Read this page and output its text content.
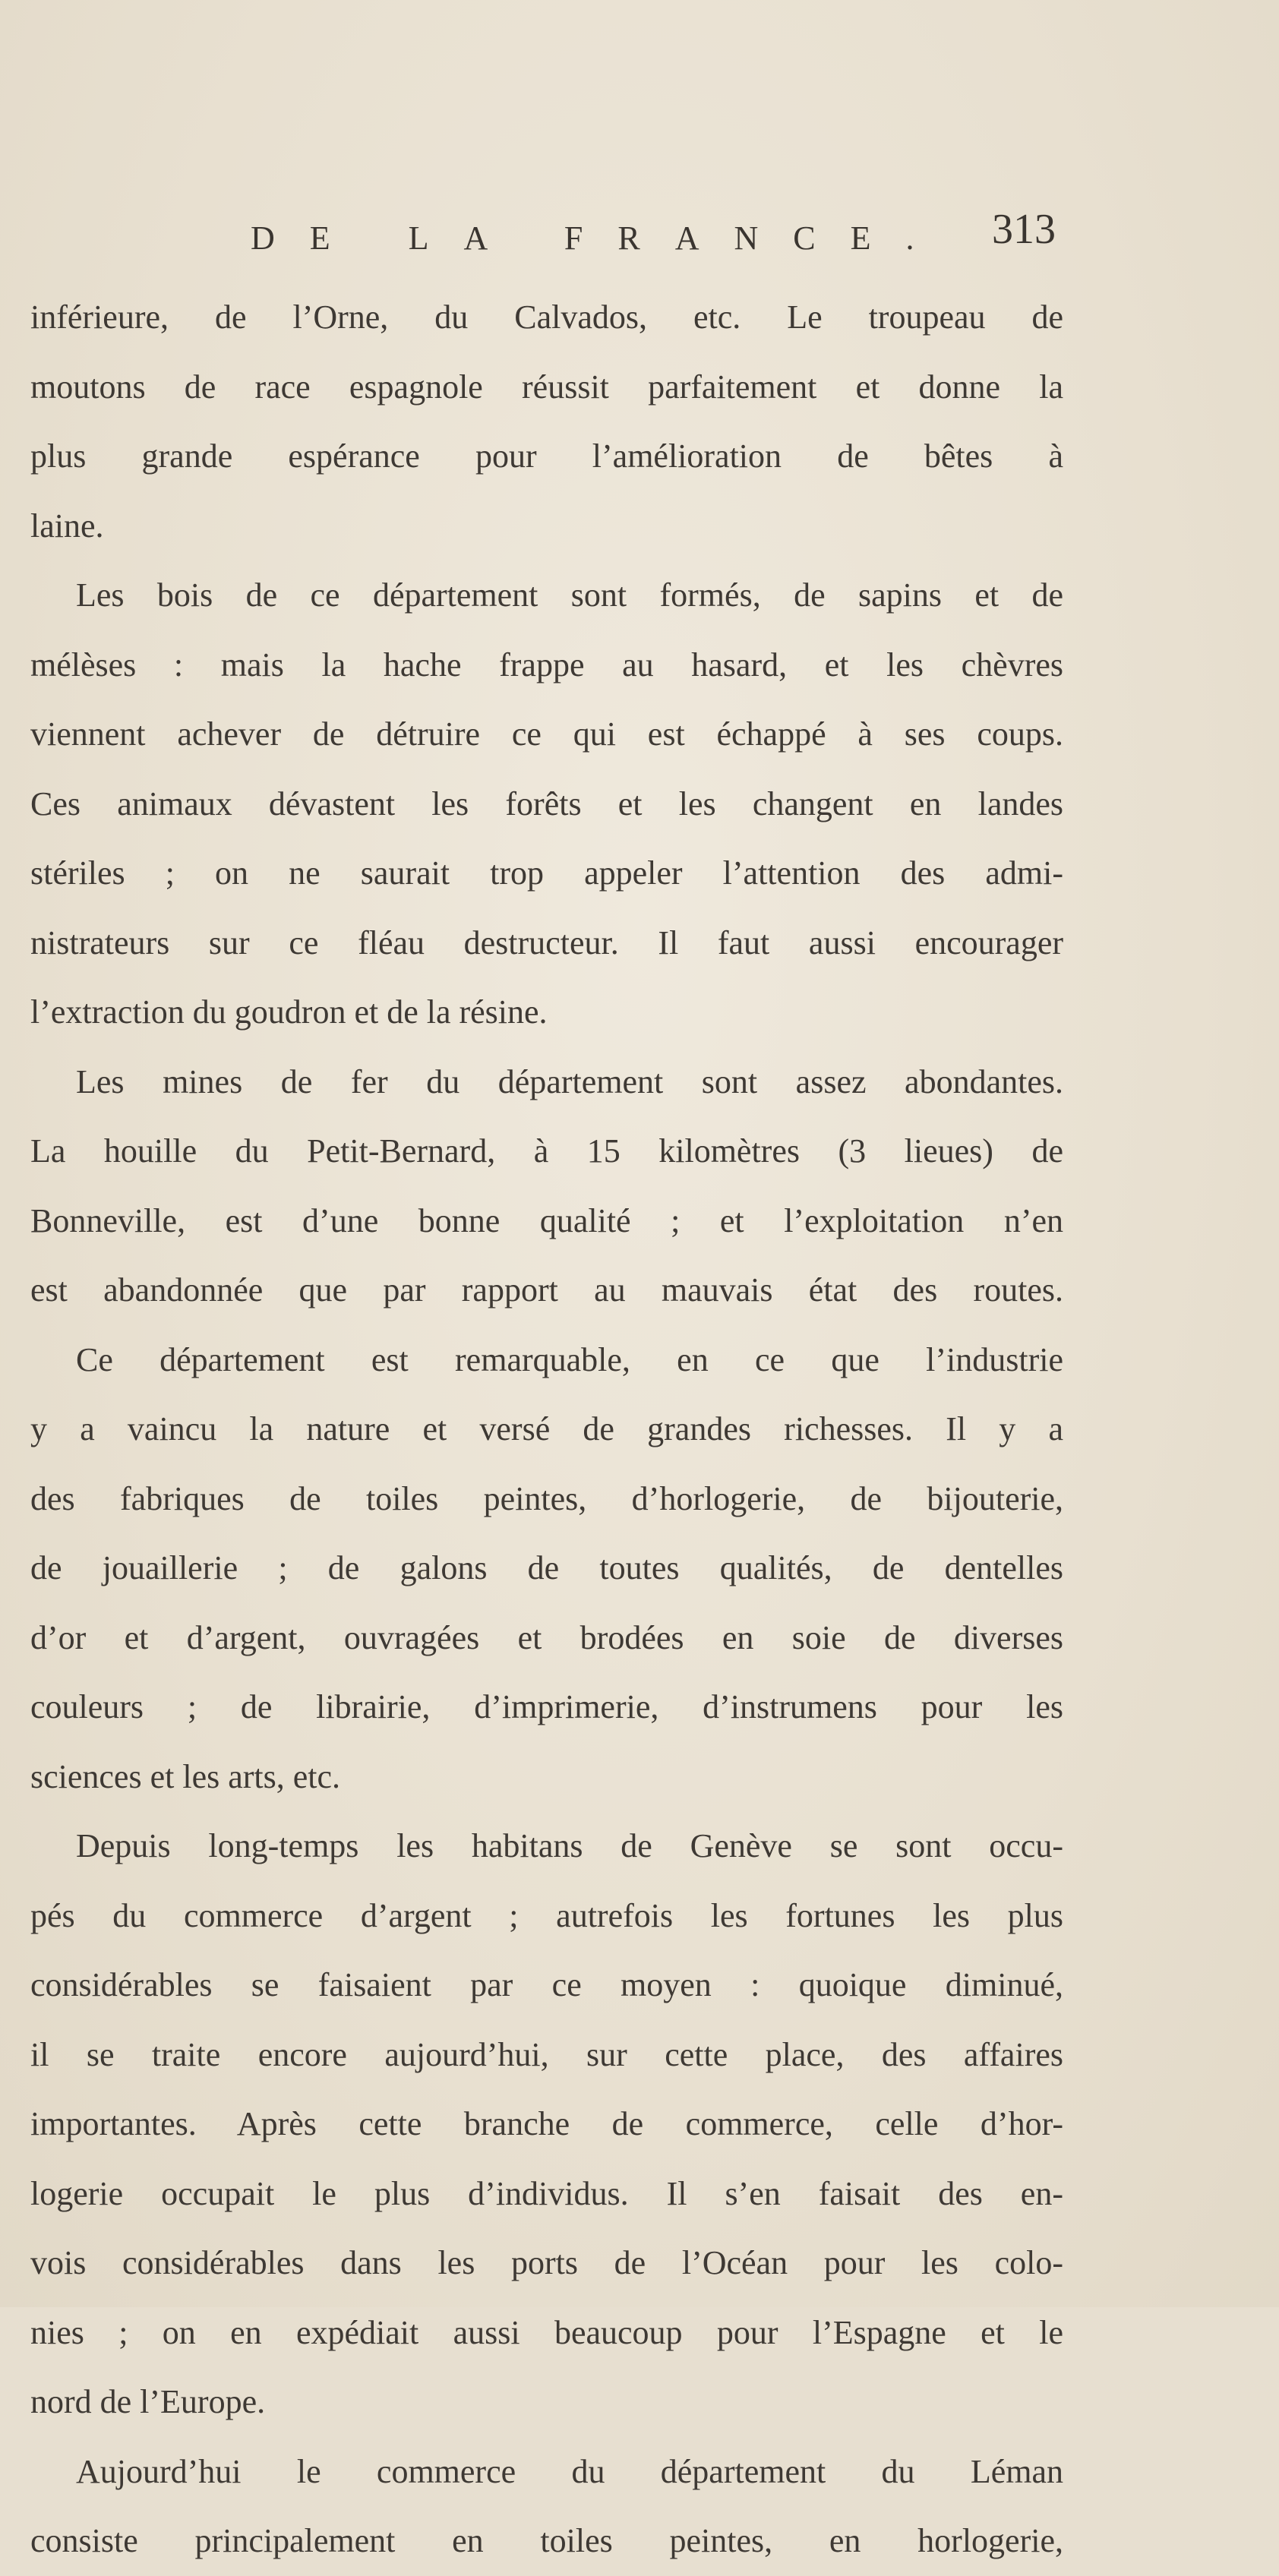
DE LA FRANCE. 313
inférieure, de l’Orne, du Calvados, etc. Le troupeau de
moutons de race espagnole réussit parfaitement et donne la
plus grande espérance pour l’amélioration de bêtes à
laine.
Les bois de ce département sont formés, de sapins et de
mélèses : mais la hache frappe au hasard, et les chèvres
viennent achever de détruire ce qui est échappé à ses coups.
Ces animaux dévastent les forêts et les changent en landes
stériles ; on ne saurait trop appeler l’attention des admi-
nistrateurs sur ce fléau destructeur. Il faut aussi encourager
l’extraction du goudron et de la résine.
Les mines de fer du département sont assez abondantes.
La houille du Petit-Bernard, à 15 kilomètres (3 lieues) de
Bonneville, est d’une bonne qualité ; et l’exploitation n’en
est abandonnée que par rapport au mauvais état des routes.
Ce département est remarquable, en ce que l’industrie
y a vaincu la nature et versé de grandes richesses. Il y a
des fabriques de toiles peintes, d’horlogerie, de bijouterie,
de jouaillerie ; de galons de toutes qualités, de dentelles
d’or et d’argent, ouvragées et brodées en soie de diverses
couleurs ; de librairie, d’imprimerie, d’instrumens pour les
sciences et les arts, etc.
Depuis long-temps les habitans de Genève se sont occu-
pés du commerce d’argent ; autrefois les fortunes les plus
considérables se faisaient par ce moyen : quoique diminué,
il se traite encore aujourd’hui, sur cette place, des affaires
importantes. Après cette branche de commerce, celle d’hor-
logerie occupait le plus d’individus. Il s’en faisait des en-
vois considérables dans les ports de l’Océan pour les colo-
nies ; on en expédiait aussi beaucoup pour l’Espagne et le
nord de l’Europe.
Aujourd’hui le commerce du département du Léman
consiste principalement en toiles peintes, en horlogerie,
